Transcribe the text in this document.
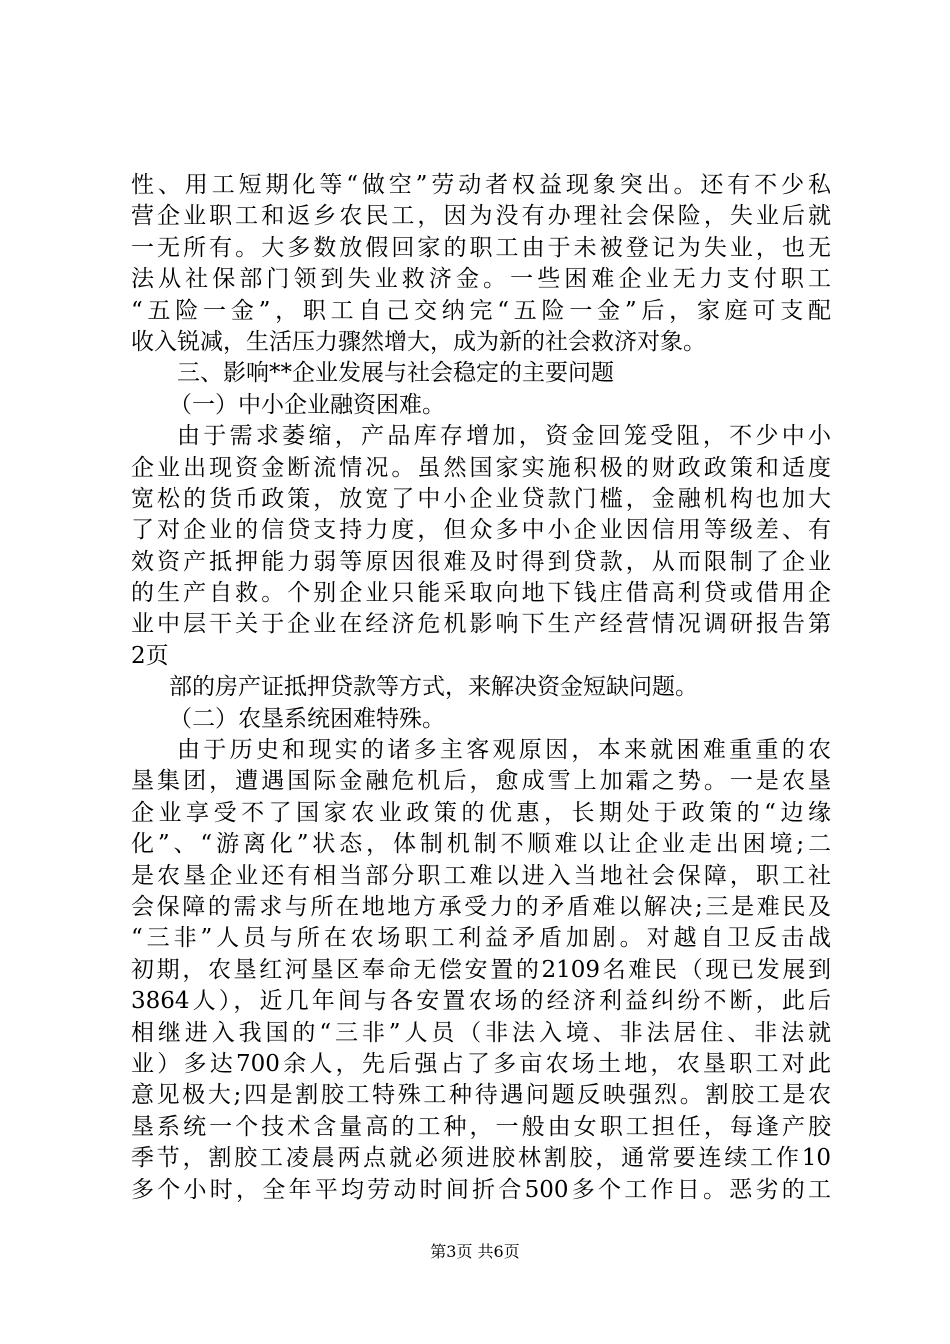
性、用工短期化等“做空”劳动者权益现象突出。还有不少私
营企业职工和返乡农民工，因为没有办理社会保险，失业后就
一无所有。大多数放假回家的职工由于未被登记为失业，也无
法从社保部门领到失业救济金。一些困难企业无力支付职工
“五险一金”，职工自己交纳完“五险一金”后，家庭可支配
收入锐减，生活压力骤然增大，成为新的社会救济对象。
三、影响**企业发展与社会稳定的主要问题
（一）中小企业融资困难。
由于需求萎缩，产品库存增加，资金回笼受阻，不少中小
企业出现资金断流情况。虽然国家实施积极的财政政策和适度
宽松的货币政策，放宽了中小企业贷款门槛，金融机构也加大
了对企业的信贷支持力度，但众多中小企业因信用等级差、有
效资产抵押能力弱等原因很难及时得到贷款，从而限制了企业
的生产自救。个别企业只能采取向地下钱庄借高利贷或借用企
业中层干关于企业在经济危机影响下生产经营情况调研报告第
2页
部的房产证抵押贷款等方式，来解决资金短缺问题。
（二）农垦系统困难特殊。
由于历史和现实的诸多主客观原因，本来就困难重重的农
垦集团，遭遇国际金融危机后，愈成雪上加霜之势。一是农垦
企业享受不了国家农业政策的优惠，长期处于政策的“边缘
化”、“游离化”状态，体制机制不顺难以让企业走出困境;二
是农垦企业还有相当部分职工难以进入当地社会保障，职工社
会保障的需求与所在地地方承受力的矛盾难以解决;三是难民及
“三非”人员与所在农场职工利益矛盾加剧。对越自卫反击战
初期，农垦红河垦区奉命无偿安置的2109名难民（现已发展到
3864人），近几年间与各安置农场的经济利益纠纷不断，此后
相继进入我国的“三非”人员（非法入境、非法居住、非法就
业）多达700余人，先后强占了多亩农场土地，农垦职工对此
意见极大;四是割胶工特殊工种待遇问题反映强烈。割胶工是农
垦系统一个技术含量高的工种，一般由女职工担任，每逢产胶
季节，割胶工凌晨两点就必须进胶林割胶，通常要连续工作10
多个小时，全年平均劳动时间折合500多个工作日。恶劣的工
第3页 共6页
